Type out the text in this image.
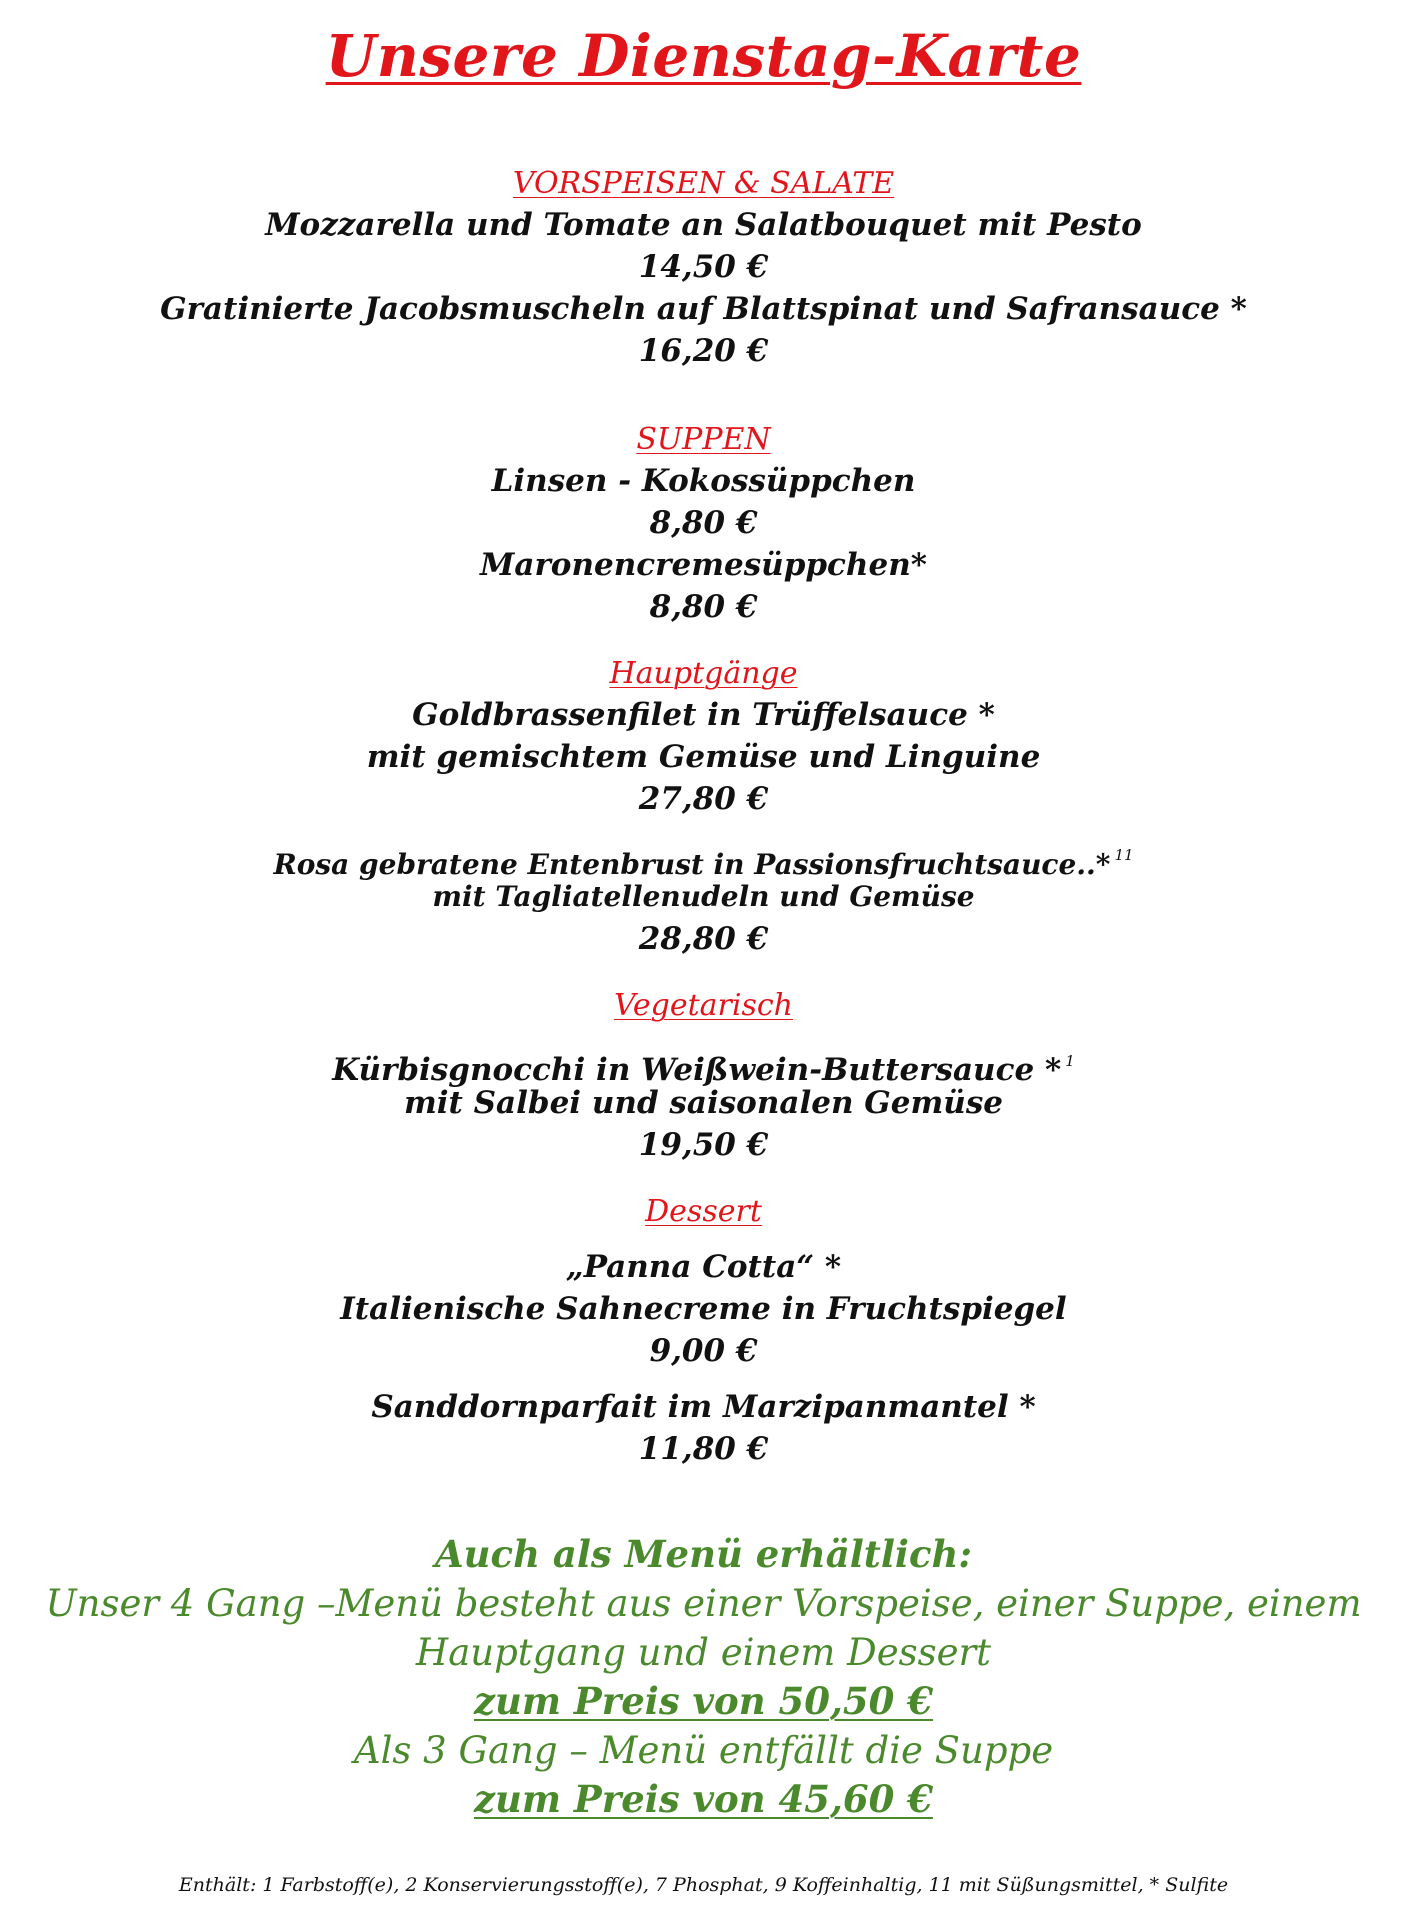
Unsere Dienstag-Karte
VORSPEISEN & SALATE
Mozzarella und Tomate an Salatbouquet mit Pesto
14,50 €
Gratinierte Jacobsmuscheln auf Blattspinat und Safransauce *
16,20 €
SUPPEN
Linsen - Kokossüppchen
8,80 €
Maronencremesüppchen*
8,80 €
Hauptgänge
Goldbrassenfilet in Trüffelsauce *
mit gemischtem Gemüse und Linguine
27,80 €
Rosa gebratene Entenbrust in Passionsfruchtsauce..* $^{11}$
mit Tagliatellenudeln und Gemüse
28,80 €
Vegetarisch
Kürbisgnocchi in Weißwein-Buttersauce * $^1$
mit Salbei und saisonalen Gemüse
19,50 €
Dessert
„Panna Cotta“ *
Italienische Sahnecreme in Fruchtspiegel
9,00 €
Sanddornparfait im Marzipanmantel *
11,80 €
Auch als Menü erhältlich:
Unser 4 Gang –Menü besteht aus einer Vorspeise, einer Suppe, einem
Hauptgang und einem Dessert
zum Preis von 50,50 €
Als 3 Gang – Menü entfällt die Suppe
zum Preis von 45,60 €
Enthält: 1 Farbstoff(e), 2 Konservierungsstoff(e), 7 Phosphat, 9 Koffeinhaltig, 11 mit Süßungsmittel, * Sulfite
